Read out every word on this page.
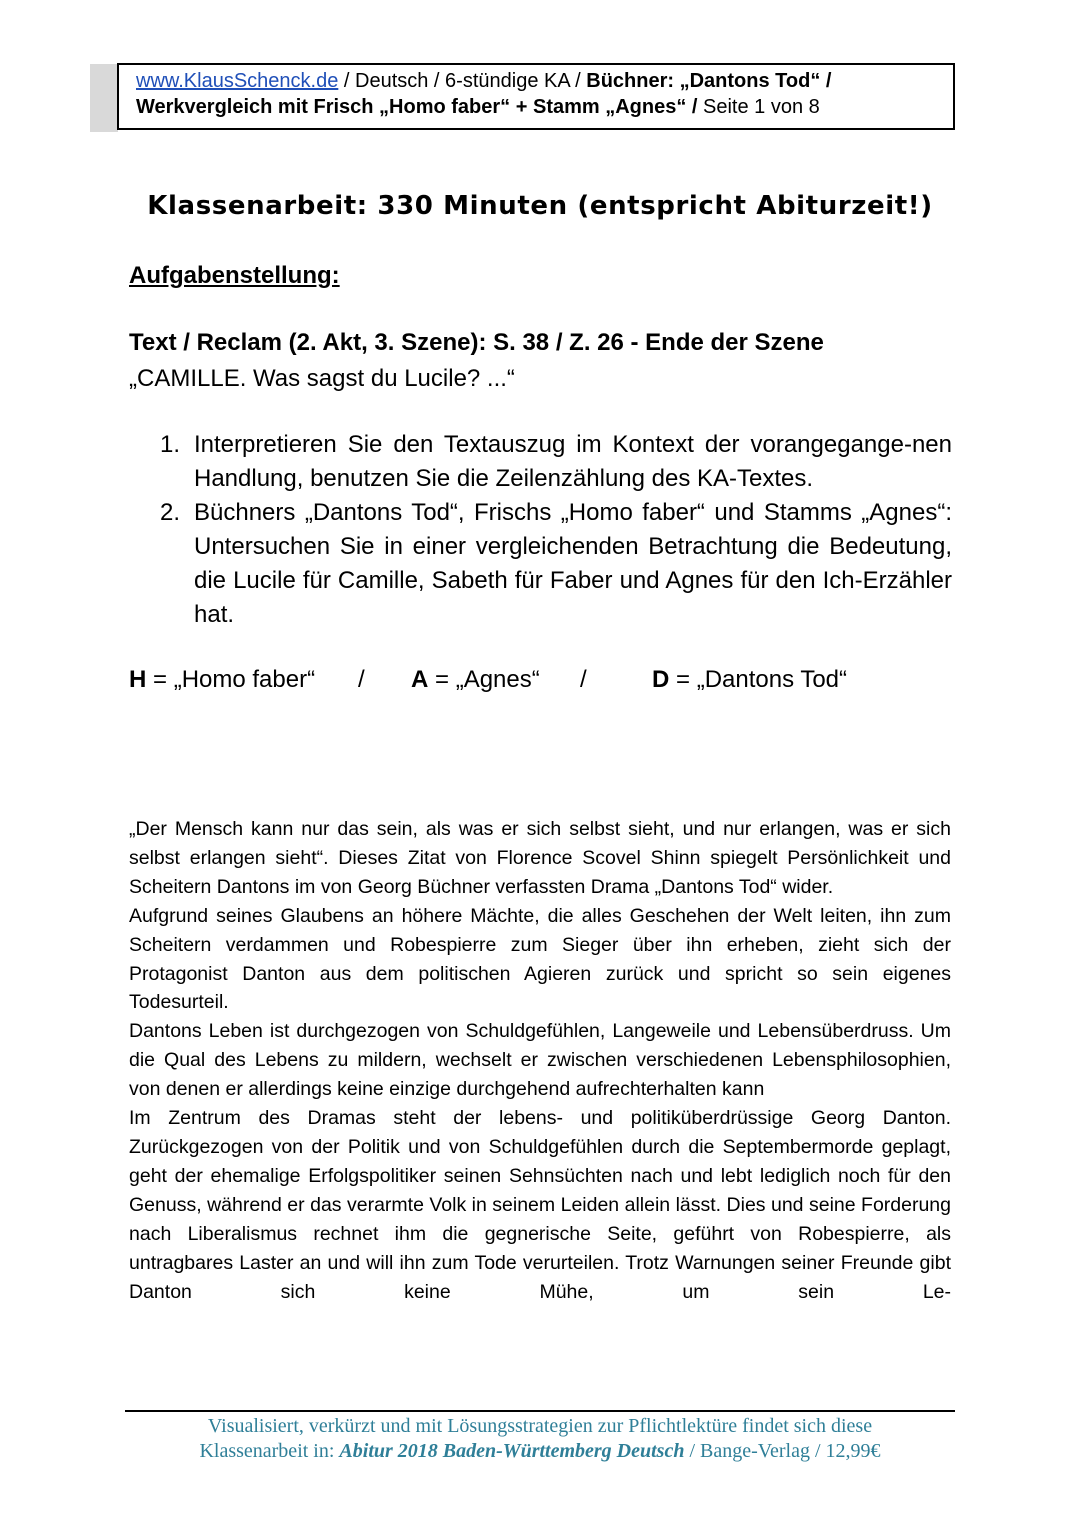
www.KlausSchenck.de / Deutsch / 6-stündige KA / Büchner: „Dantons Tod“ /
Werkvergleich mit Frisch „Homo faber“ + Stamm „Agnes“ / Seite 1 von 8
Klassenarbeit: 330 Minuten (entspricht Abiturzeit!)
Aufgabenstellung:
Text / Reclam (2. Akt, 3. Szene): S. 38 / Z. 26 - Ende der Szene
„CAMILLE. Was sagst du Lucile? ...“
1. Interpretieren Sie den Textauszug im Kontext der vorangegange-nen Handlung, benutzen Sie die Zeilenzählung des KA-Textes.
2. Büchners „Dantons Tod“, Frischs „Homo faber“ und Stamms „Agnes“: Untersuchen Sie in einer vergleichenden Betrachtung die Bedeutung, die Lucile für Camille, Sabeth für Faber und Agnes für den Ich-Erzähler hat.
H = „Homo faber“ / A = „Agnes“ /	D = „Dantons Tod“

„Der Mensch kann nur das sein, als was er sich selbst sieht, und nur erlangen, was er sich selbst erlangen sieht“. Dieses Zitat von Florence Scovel Shinn spiegelt Persönlichkeit und Scheitern Dantons im von Georg Büchner verfassten Drama „Dantons Tod“ wider.

Aufgrund seines Glaubens an höhere Mächte, die alles Geschehen der Welt leiten, ihn zum Scheitern verdammen und Robespierre zum Sieger über ihn erheben, zieht sich der Protagonist Danton aus dem politischen Agieren zurück und spricht so sein eigenes Todesurteil.

Dantons Leben ist durchgezogen von Schuldgefühlen, Langeweile und Lebensüberdruss. Um die Qual des Lebens zu mildern, wechselt er zwischen verschiedenen Lebensphilosophien, von denen er allerdings keine einzige durchgehend aufrechterhalten kann

Im Zentrum des Dramas steht der lebens- und politiküberdrüssige Georg Danton. Zurückgezogen von der Politik und von Schuldgefühlen durch die Septembermorde geplagt, geht der ehemalige Erfolgspolitiker seinen Sehnsüchten nach und lebt lediglich noch für den Genuss, während er das verarmte Volk in seinem Leiden allein lässt. Dies und seine Forderung nach Liberalismus rechnet ihm die gegnerische Seite, geführt von Robespierre, als untragbares Laster an und will ihn zum Tode verurteilen. Trotz Warnungen seiner Freunde gibt Danton sich keine Mühe, um sein Le-

Visualisiert, verkürzt und mit Lösungsstrategien zur Pflichtlektüre findet sich diese
Klassenarbeit in: Abitur 2018 Baden-Württemberg Deutsch / Bange-Verlag / 12,99€
